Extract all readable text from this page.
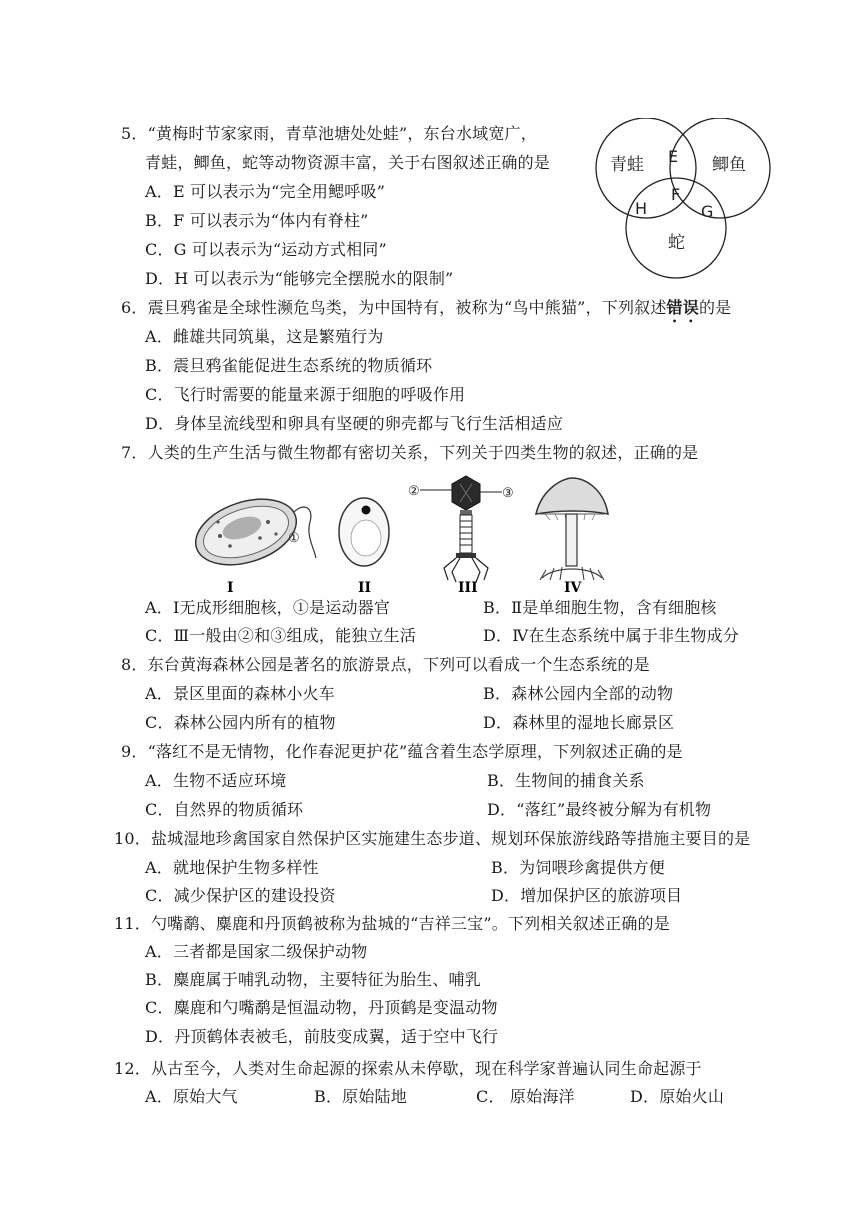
5．“黄梅时节家家雨，青草池塘处处蛙”，东台水域宽广，
青蛙，鲫鱼，蛇等动物资源丰富，关于右图叙述正确的是
A．E 可以表示为“完全用鳃呼吸”
B．F 可以表示为“体内有脊柱”
C．G 可以表示为“运动方式相同”
D．H 可以表示为“能够完全摆脱水的限制”
青蛙	鲫鱼
蛇
E
F
G
H
6．震旦鸦雀是全球性濒危鸟类，为中国特有，被称为“鸟中熊猫”，下列叙述错误的是
A．雌雄共同筑巢，这是繁殖行为
B．震旦鸦雀能促进生态系统的物质循环
C．飞行时需要的能量来源于细胞的呼吸作用
D．身体呈流线型和卵具有坚硬的卵壳都与飞行生活相适应
7．人类的生产生活与微生物都有密切关系，下列关于四类生物的叙述，正确的是
①
②	③
I	II	III	IV
A．Ⅰ无成形细胞核，①是运动器官	B．Ⅱ是单细胞生物，含有细胞核
C．Ⅲ一般由②和③组成，能独立生活	D．Ⅳ在生态系统中属于非生物成分
8．东台黄海森林公园是著名的旅游景点，下列可以看成一个生态系统的是
A．景区里面的森林小火车	B．森林公园内全部的动物
C．森林公园内所有的植物	D．森林里的湿地长廊景区
9．“落红不是无情物，化作春泥更护花”蕴含着生态学原理，下列叙述正确的是
A．生物不适应环境	B．生物间的捕食关系
C．自然界的物质循环	D．“落红”最终被分解为有机物
10．盐城湿地珍禽国家自然保护区实施建生态步道、规划环保旅游线路等措施主要目的是
A．就地保护生物多样性	B．为饲喂珍禽提供方便
C．减少保护区的建设投资	D．增加保护区的旅游项目
11．勺嘴鹬、麋鹿和丹顶鹤被称为盐城的“吉祥三宝”。下列相关叙述正确的是
A．三者都是国家二级保护动物
B．麋鹿属于哺乳动物，主要特征为胎生、哺乳
C．麋鹿和勺嘴鹬是恒温动物，丹顶鹤是变温动物
D．丹顶鹤体表被毛，前肢变成翼，适于空中飞行
12．从古至今，人类对生命起源的探索从未停歇，现在科学家普遍认同生命起源于
A．原始大气	B．原始陆地	C． 原始海洋	D．原始火山
